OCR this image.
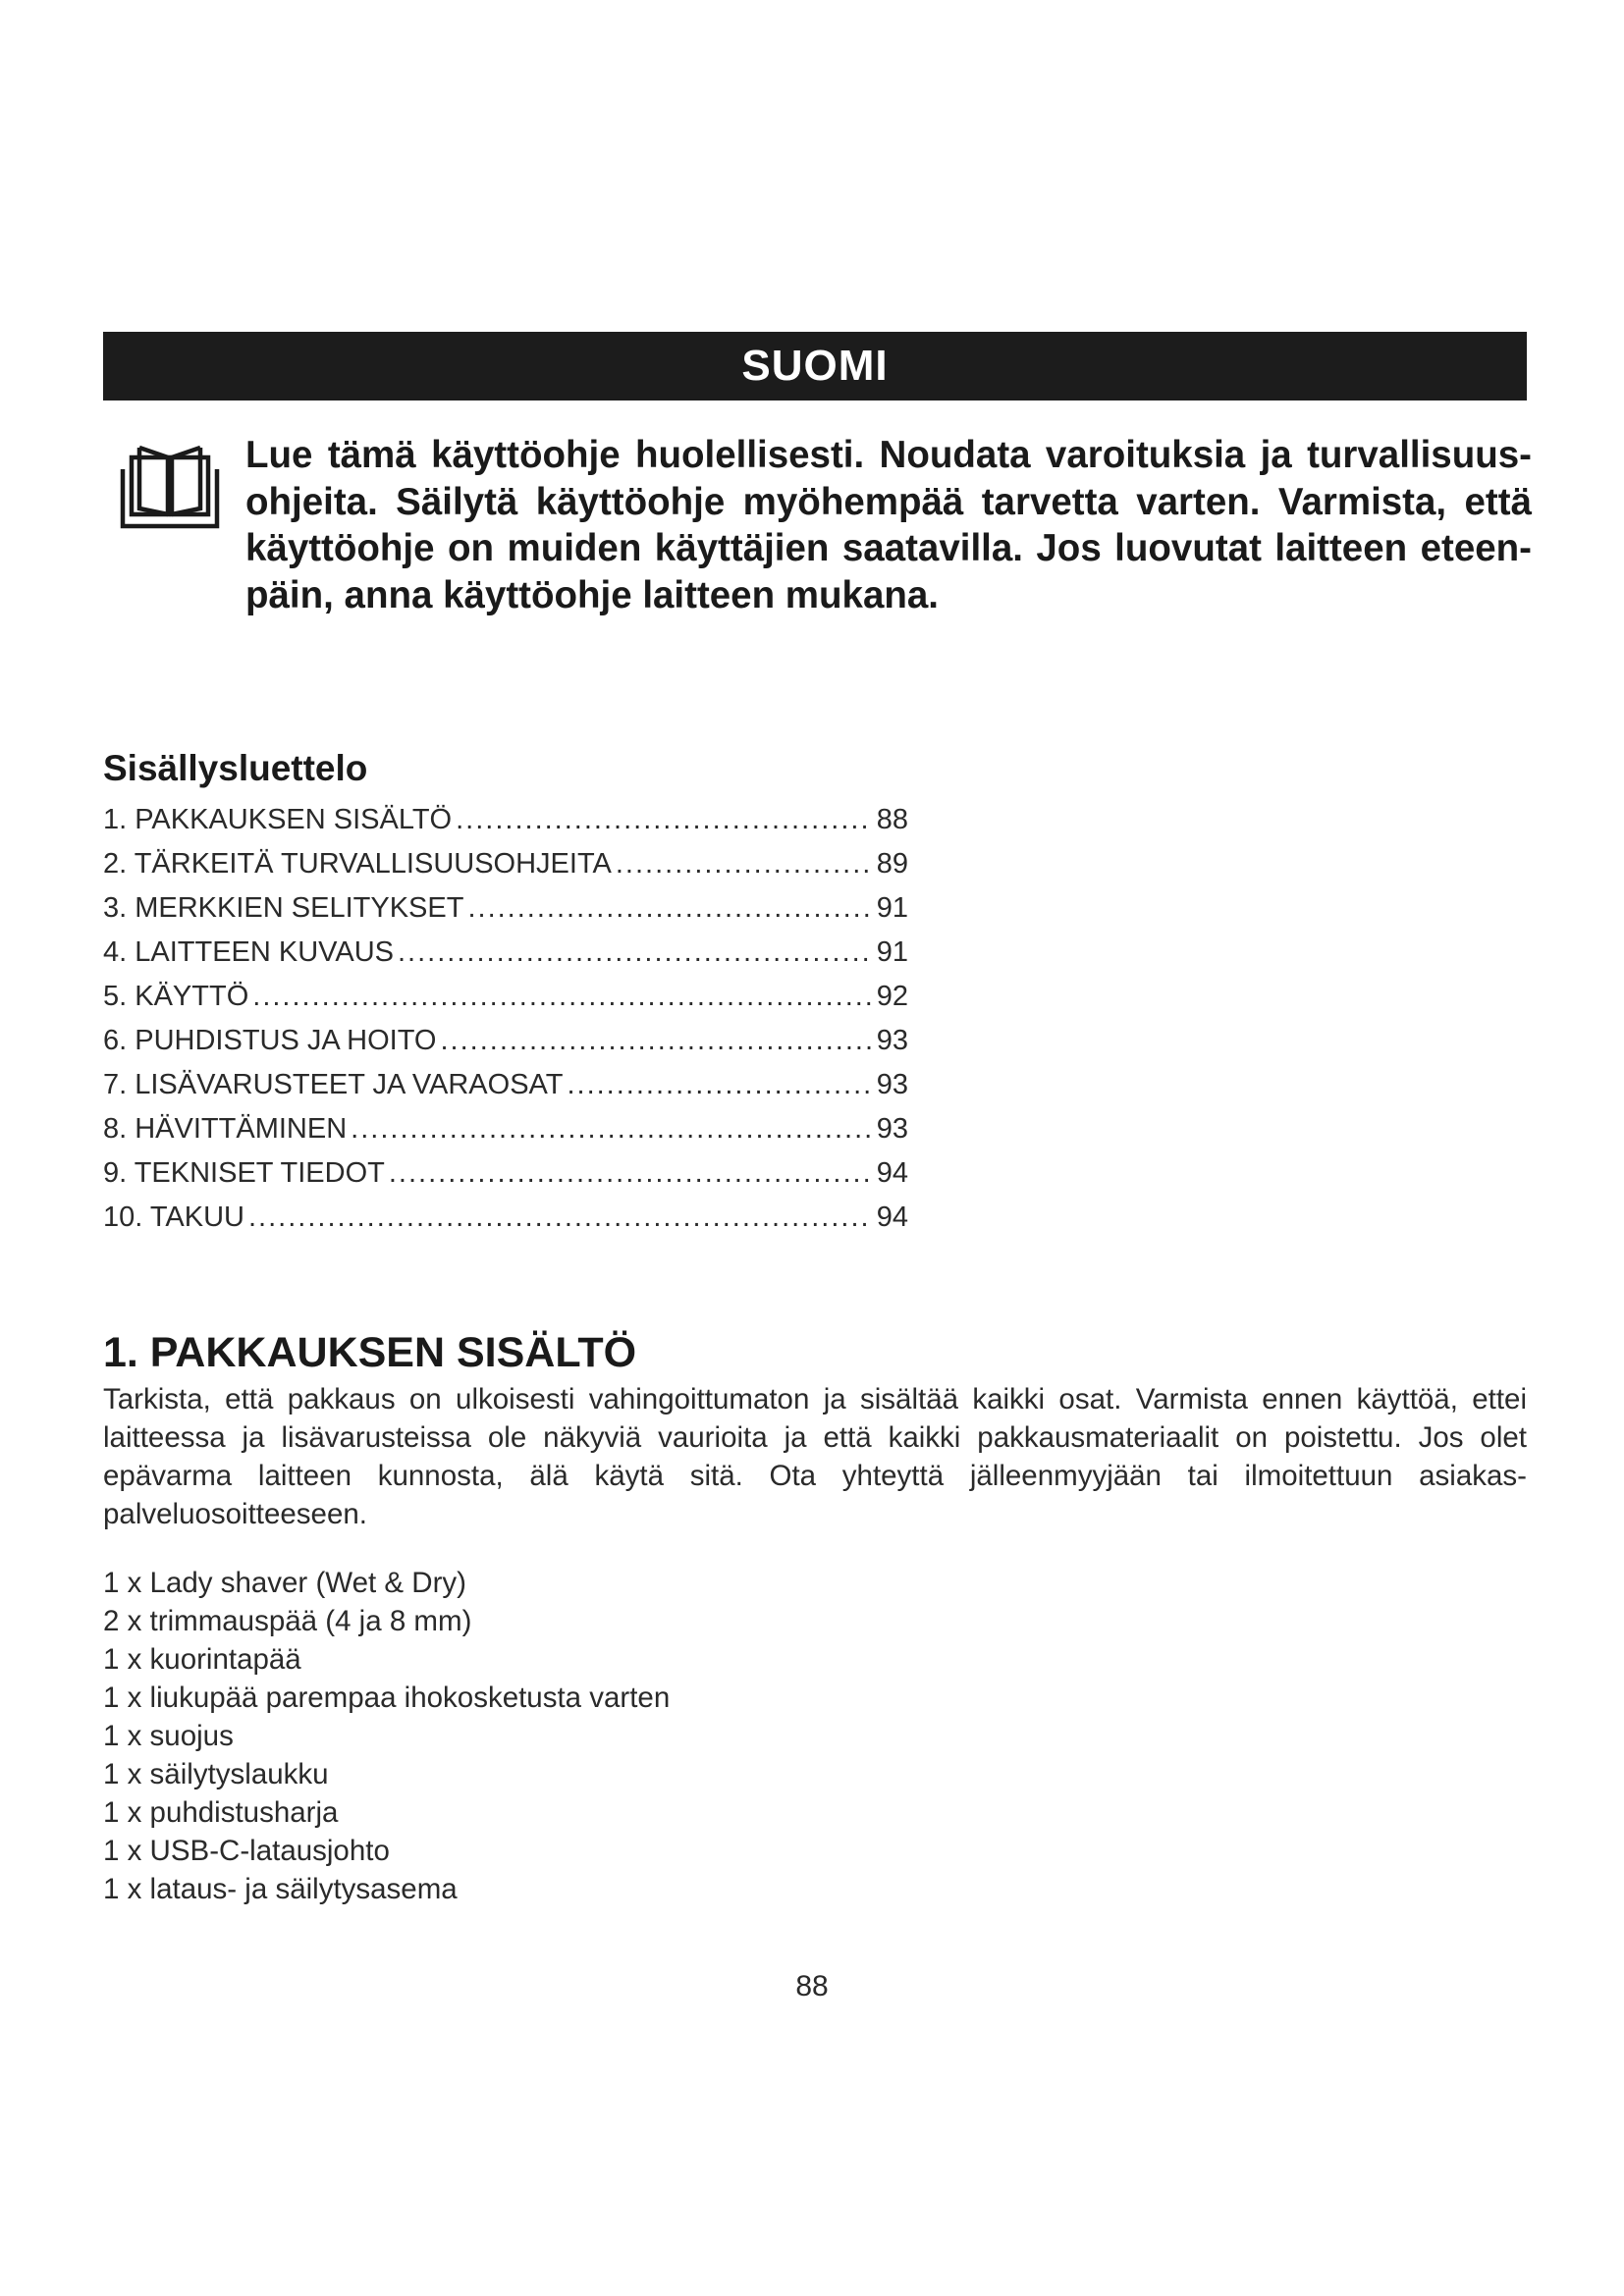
SUOMI

Lue tämä käyttöohje huolellisesti. Noudata varoituksia ja turvallisuusohjeita. Säilytä käyttöohje myöhempää tarvetta varten. Varmista, että käyttöohje on muiden käyttäjien saatavilla. Jos luovutat laitteen eteenpäin, anna käyttöohje laitteen mukana.

Sisällysluettelo
1. PAKKAUKSEN SISÄLTÖ .....	88
2. TÄRKEITÄ TURVALLISUUSOHJEITA .....	89
3. MERKKIEN SELITYKSET .....	91
4. LAITTEEN KUVAUS .....	91
5. KÄYTTÖ .....	92
6. PUHDISTUS JA HOITO .....	93
7. LISÄVARUSTEET JA VARAOSAT .....	93
8. HÄVITTÄMINEN .....	93
9. TEKNISET TIEDOT .....	94
10. TAKUU .....	94
1. PAKKAUKSEN SISÄLTÖ

Tarkista, että pakkaus on ulkoisesti vahingoittumaton ja sisältää kaikki osat. Varmista ennen käyttöä, ettei laitteessa ja lisävarusteissa ole näkyviä vaurioita ja että kaikki pakkausmateriaalit on poistettu. Jos olet epävarma laitteen kunnosta, älä käytä sitä. Ota yhteyttä jälleenmyyjään tai ilmoitettuun asiakaspalveluosoitteeseen.

1 x Lady shaver (Wet & Dry)
2 x trimmauspää (4 ja 8 mm)
1 x kuorintapää
1 x liukupää parempaa ihokosketusta varten
1 x suojus
1 x säilytyslaukku
1 x puhdistusharja
1 x USB-C-latausjohto
1 x lataus- ja säilytysasema
88
